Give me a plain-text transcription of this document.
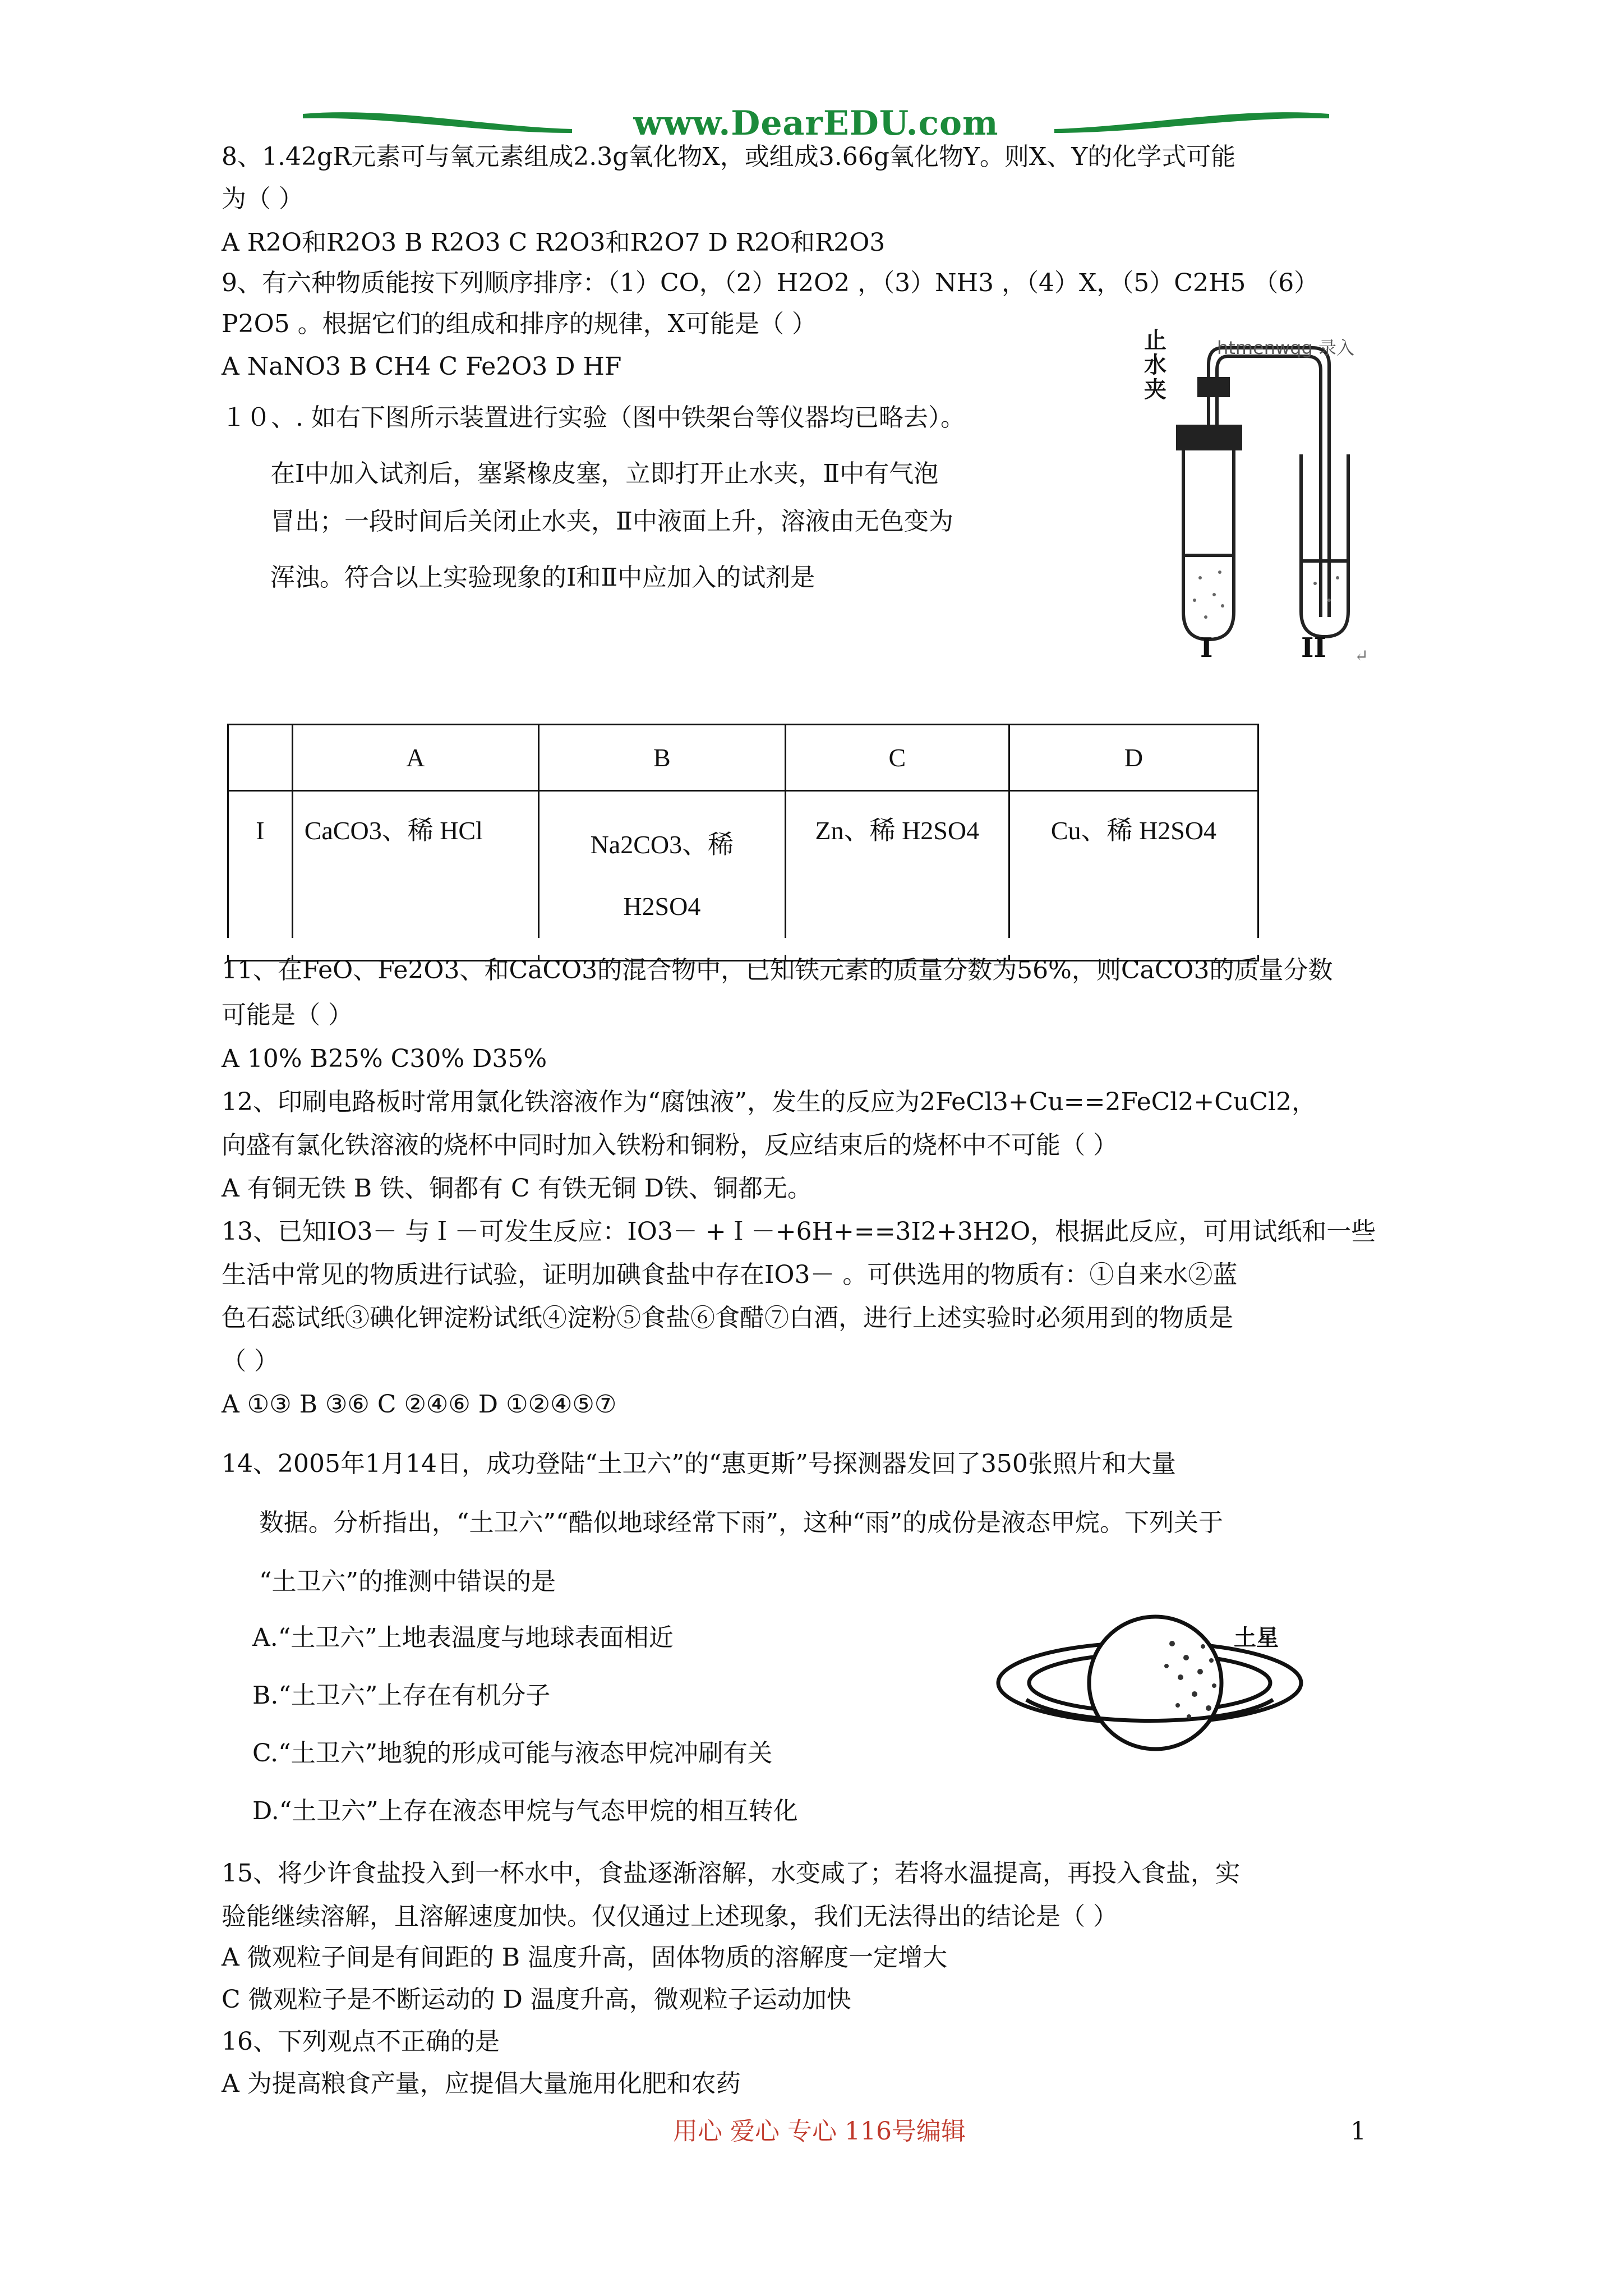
www.DearEDU.com
8、1.42gR元素可与氧元素组成2.3g氧化物X，或组成3.66g氧化物Y。则X、Y的化学式可能
为（ ）
A R2O和R2O3 B R2O3 C R2O3和R2O7 D R2O和R2O3
9、有六种物质能按下列顺序排序：（1）CO，（2）H2O2 ，（3）NH3 ，（4）X，（5）C2H5 （6）
P2O5 。根据它们的组成和排序的规律，X可能是（ ）
A NaNO3 B CH4 C Fe2O3 D HF
１０、. 如右下图所示装置进行实验（图中铁架台等仪器均已略去）。
在Ⅰ中加入试剂后，塞紧橡皮塞，立即打开止水夹，Ⅱ中有气泡
冒出；一段时间后关闭止水夹，Ⅱ中液面上升，溶液由无色变为
浑浊。符合以上实验现象的Ⅰ和Ⅱ中应加入的试剂是
止水夹
htmenwqg 录入
I	II ↵
	A	B	C	D
I	CaCO3、稀 HCl	Na2CO3、稀 H2SO4	Zn、稀 H2SO4	Cu、稀 H2SO4
11、在FeO、Fe2O3、和CaCO3的混合物中，已知铁元素的质量分数为56%，则CaCO3的质量分数
可能是（ ）
A 10% B25% C30% D35%
12、印刷电路板时常用氯化铁溶液作为“腐蚀液”，发生的反应为2FeCl3+Cu==2FeCl2+CuCl2，
向盛有氯化铁溶液的烧杯中同时加入铁粉和铜粉，反应结束后的烧杯中不可能（ ）
A 有铜无铁 B 铁、铜都有 C 有铁无铜 D铁、铜都无。
13、已知IO3－ 与Ｉ－可发生反应：IO3－ +Ｉ－+6H+==3I2+3H2O，根据此反应，可用试纸和一些
生活中常见的物质进行试验，证明加碘食盐中存在IO3－ 。可供选用的物质有：①自来水②蓝
色石蕊试纸③碘化钾淀粉试纸④淀粉⑤食盐⑥食醋⑦白酒，进行上述实验时必须用到的物质是
（ ）
A ①③ B ③⑥ C ②④⑥ D ①②④⑤⑦
14、2005年1月14日，成功登陆“土卫六”的“惠更斯”号探测器发回了350张照片和大量
数据。分析指出，“土卫六”“酷似地球经常下雨”，这种“雨”的成份是液态甲烷。下列关于
“土卫六”的推测中错误的是
A.“土卫六”上地表温度与地球表面相近
B.“土卫六”上存在有机分子
C.“土卫六”地貌的形成可能与液态甲烷冲刷有关
D.“土卫六”上存在液态甲烷与气态甲烷的相互转化
土星
15、将少许食盐投入到一杯水中，食盐逐渐溶解，水变咸了；若将水温提高，再投入食盐，实
验能继续溶解，且溶解速度加快。仅仅通过上述现象，我们无法得出的结论是（ ）
A 微观粒子间是有间距的 B 温度升高，固体物质的溶解度一定增大
C 微观粒子是不断运动的 D 温度升高，微观粒子运动加快
16、下列观点不正确的是
A 为提高粮食产量，应提倡大量施用化肥和农药
用心 爱心 专心 116号编辑	1
